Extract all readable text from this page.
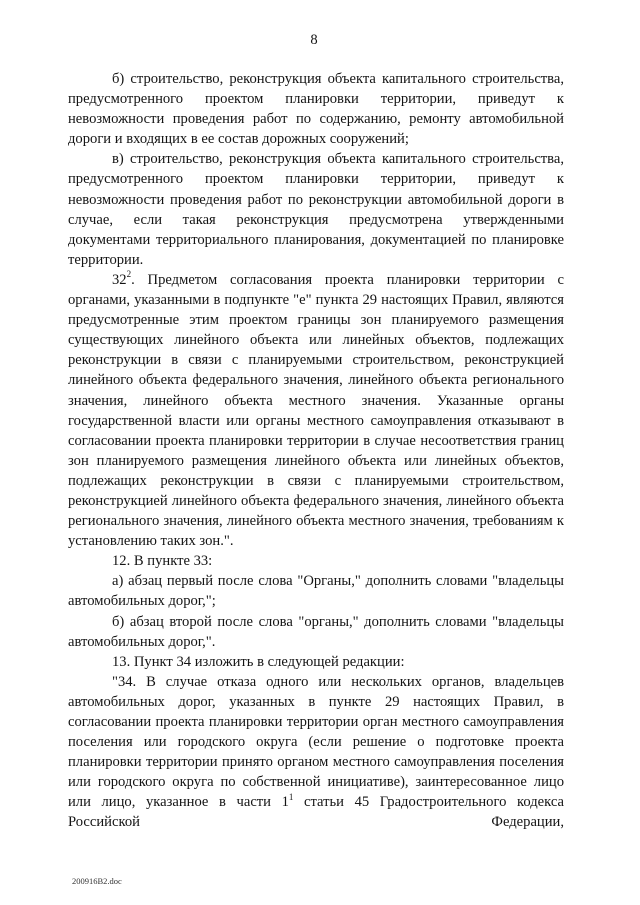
8

б) строительство, реконструкция объекта капитального строительства, предусмотренного проектом планировки территории, приведут к невозможности проведения работ по содержанию, ремонту автомобильной дороги и входящих в ее состав дорожных сооружений;

в) строительство, реконструкция объекта капитального строительства, предусмотренного проектом планировки территории, приведут к невозможности проведения работ по реконструкции автомобильной дороги в случае, если такая реконструкция предусмотрена утвержденными документами территориального планирования, документацией по планировке территории.

$32^2$. Предметом согласования проекта планировки территории с органами, указанными в подпункте "е" пункта 29 настоящих Правил, являются предусмотренные этим проектом границы зон планируемого размещения существующих линейного объекта или линейных объектов, подлежащих реконструкции в связи с планируемыми строительством, реконструкцией линейного объекта федерального значения, линейного объекта регионального значения, линейного объекта местного значения. Указанные органы государственной власти или органы местного самоуправления отказывают в согласовании проекта планировки территории в случае несоответствия границ зон планируемого размещения линейного объекта или линейных объектов, подлежащих реконструкции в связи с планируемыми строительством, реконструкцией линейного объекта федерального значения, линейного объекта регионального значения, линейного объекта местного значения, требованиям к установлению таких зон.".

12. В пункте 33:

а) абзац первый после слова "Органы," дополнить словами "владельцы автомобильных дорог,";

б) абзац второй после слова "органы," дополнить словами "владельцы автомобильных дорог,".

13. Пункт 34 изложить в следующей редакции:

"34. В случае отказа одного или нескольких органов, владельцев автомобильных дорог, указанных в пункте 29 настоящих Правил, в согласовании проекта планировки территории орган местного самоуправления поселения или городского округа (если решение о подготовке проекта планировки территории принято органом местного самоуправления поселения или городского округа по собственной инициативе), заинтересованное лицо или лицо, указанное в части $1^1$ статьи 45 Градостроительного кодекса Российской Федерации,

200916В2.doc
